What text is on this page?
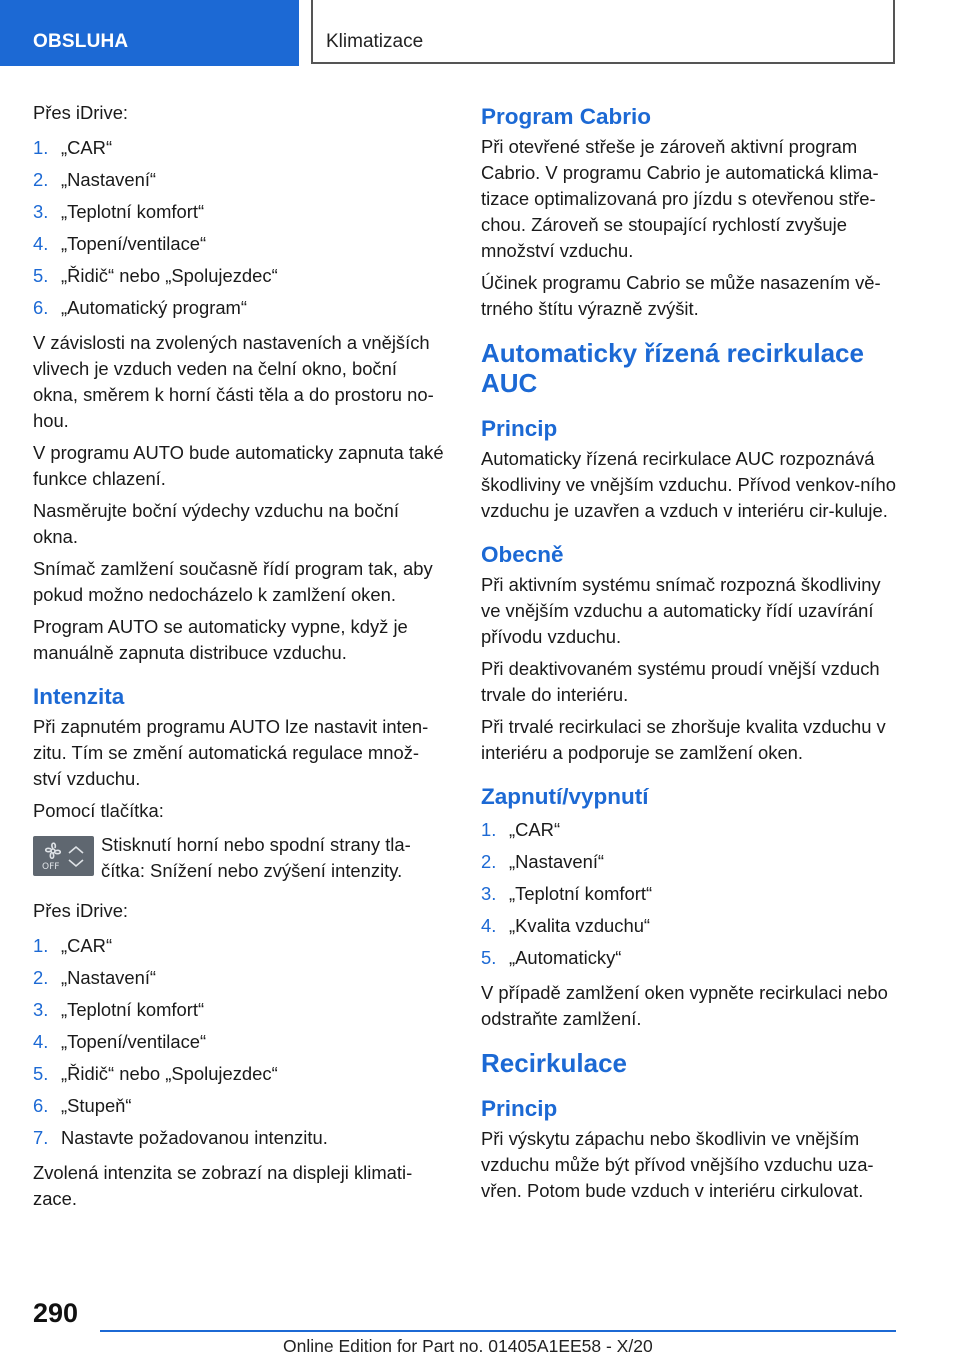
OBSLUHA	Klimatizace

Přes iDrive:

1. „CAR“
2. „Nastavení“
3. „Teplotní komfort“
4. „Topení/ventilace“
5. „Řidič“ nebo „Spolujezdec“
6. „Automatický program“

V závislosti na zvolených nastaveních a vnějších vlivech je vzduch veden na čelní okno, boční okna, směrem k horní části těla a do prostoru no-hou.

V programu AUTO bude automaticky zapnuta také funkce chlazení.

Nasměrujte boční výdechy vzduchu na boční okna.

Snímač zamlžení současně řídí program tak, aby pokud možno nedocházelo k zamlžení oken.

Program AUTO se automaticky vypne, když je manuálně zapnuta distribuce vzduchu.

Intenzita

Při zapnutém programu AUTO lze nastavit inten-zitu. Tím se změní automatická regulace množ-ství vzduchu.

Pomocí tlačítka:

OFF
Stisknutí horní nebo spodní strany tla-čítka: Snížení nebo zvýšení intenzity.

Přes iDrive:

1. „CAR“
2. „Nastavení“
3. „Teplotní komfort“
4. „Topení/ventilace“
5. „Řidič“ nebo „Spolujezdec“
6. „Stupeň“
7. Nastavte požadovanou intenzitu.

Zvolená intenzita se zobrazí na displeji klimati-zace.

Program Cabrio

Při otevřené střeše je zároveň aktivní program Cabrio. V programu Cabrio je automatická klima-tizace optimalizovaná pro jízdu s otevřenou stře-chou. Zároveň se stoupající rychlostí zvyšuje množství vzduchu.

Účinek programu Cabrio se může nasazením vě-trného štítu výrazně zvýšit.

Automaticky řízená recirkulace AUC
Princip

Automaticky řízená recirkulace AUC rozpoznává škodliviny ve vnějším vzduchu. Přívod venkov-ního vzduchu je uzavřen a vzduch v interiéru cir-kuluje.

Obecně

Při aktivním systému snímač rozpozná škodliviny ve vnějším vzduchu a automaticky řídí uzavírání přívodu vzduchu.

Při deaktivovaném systému proudí vnější vzduch trvale do interiéru.

Při trvalé recirkulaci se zhoršuje kvalita vzduchu v interiéru a podporuje se zamlžení oken.

Zapnutí/vypnutí
1. „CAR“
2. „Nastavení“
3. „Teplotní komfort“
4. „Kvalita vzduchu“
5. „Automaticky“

V případě zamlžení oken vypněte recirkulaci nebo odstraňte zamlžení.

Recirkulace
Princip

Při výskytu zápachu nebo škodlivin ve vnějším vzduchu může být přívod vnějšího vzduchu uza-vřen. Potom bude vzduch v interiéru cirkulovat.

290
Online Edition for Part no. 01405A1EE58 - X/20
